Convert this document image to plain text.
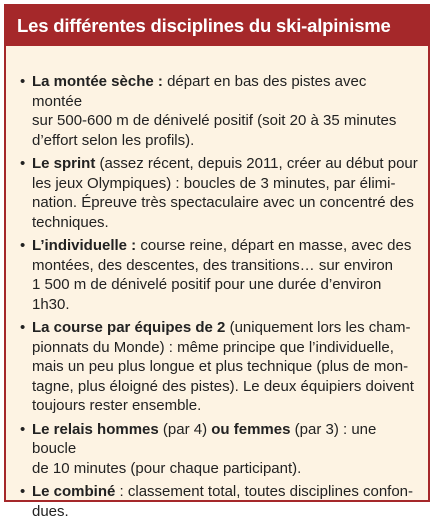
Les différentes disciplines du ski-alpinisme
• La montée sèche : départ en bas des pistes avec montée
sur 500-600 m de dénivelé positif (soit 20 à 35 minutes
d’effort selon les profils).
• Le sprint (assez récent, depuis 2011, créer au début pour
les jeux Olympiques) : boucles de 3 minutes, par élimi-
nation. Épreuve très spectaculaire avec un concentré des
techniques.
• L’individuelle : course reine, départ en masse, avec des
montées, des descentes, des transitions… sur environ
1 500 m de dénivelé positif pour une durée d’environ 1h30.
• La course par équipes de 2 (uniquement lors les cham-
pionnats du Monde) : même principe que l’individuelle,
mais un peu plus longue et plus technique (plus de mon-
tagne, plus éloigné des pistes). Le deux équipiers doivent
toujours rester ensemble.
• Le relais hommes (par 4) ou femmes (par 3) : une boucle
de 10 minutes (pour chaque participant).
• Le combiné : classement total, toutes disciplines confon-
dues.
